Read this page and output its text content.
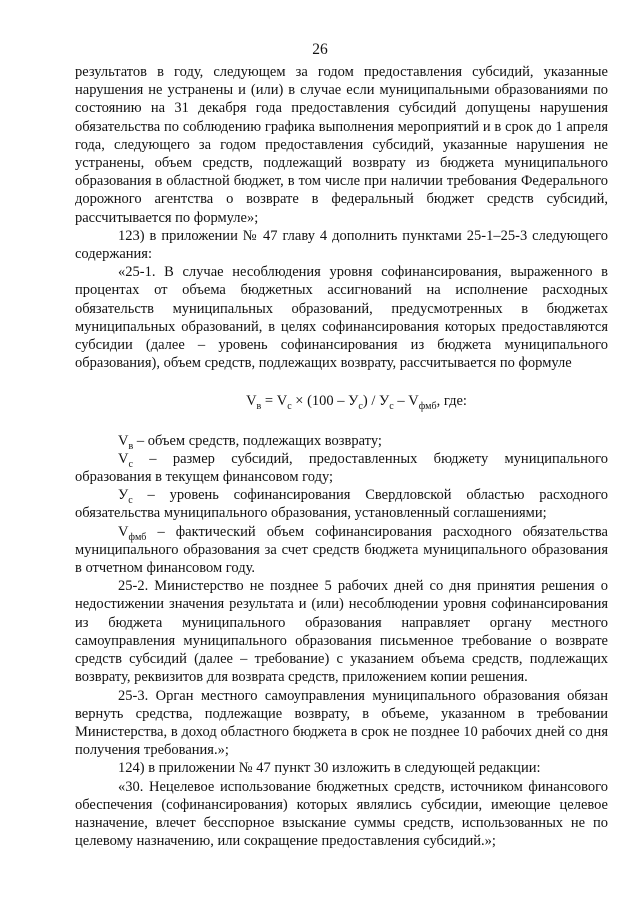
26

результатов в году, следующем за годом предоставления субсидий, указанные нарушения не устранены и (или) в случае если муниципальными образованиями по состоянию на 31 декабря года предоставления субсидий допущены нарушения обязательства по соблюдению графика выполнения мероприятий и в срок до 1 апреля года, следующего за годом предоставления субсидий, указанные нарушения не устранены, объем средств, подлежащий возврату из бюджета муниципального образования в областной бюджет, в том числе при наличии требования Федерального дорожного агентства о возврате в федеральный бюджет средств субсидий, рассчитывается по формуле»;

123) в приложении № 47 главу 4 дополнить пунктами 25-1–25-3 следующего содержания:

«25-1. В случае несоблюдения уровня софинансирования, выраженного в процентах от объема бюджетных ассигнований на исполнение расходных обязательств муниципальных образований, предусмотренных в бюджетах муниципальных образований, в целях софинансирования которых предоставляются субсидии (далее – уровень софинансирования из бюджета муниципального образования), объем средств, подлежащих возврату, рассчитывается по формуле

$V_в = V_с \times (100 - У_с) / У_с - V_{фмб}$, где:

$V_в$ – объем средств, подлежащих возврату;

$V_с$ – размер субсидий, предоставленных бюджету муниципального образования в текущем финансовом году;

$У_с$ – уровень софинансирования Свердловской областью расходного обязательства муниципального образования, установленный соглашениями;

$V_{фмб}$ – фактический объем софинансирования расходного обязательства муниципального образования за счет средств бюджета муниципального образования в отчетном финансовом году.

25-2. Министерство не позднее 5 рабочих дней со дня принятия решения о недостижении значения результата и (или) несоблюдении уровня софинансирования из бюджета муниципального образования направляет органу местного самоуправления муниципального образования письменное требование о возврате средств субсидий (далее – требование) с указанием объема средств, подлежащих возврату, реквизитов для возврата средств, приложением копии решения.

25-3. Орган местного самоуправления муниципального образования обязан вернуть средства, подлежащие возврату, в объеме, указанном в требовании Министерства, в доход областного бюджета в срок не позднее 10 рабочих дней со дня получения требования.»;

124) в приложении № 47 пункт 30 изложить в следующей редакции:

«30. Нецелевое использование бюджетных средств, источником финансового обеспечения (софинансирования) которых являлись субсидии, имеющие целевое назначение, влечет бесспорное взыскание суммы средств, использованных не по целевому назначению, или сокращение предоставления субсидий.»;
